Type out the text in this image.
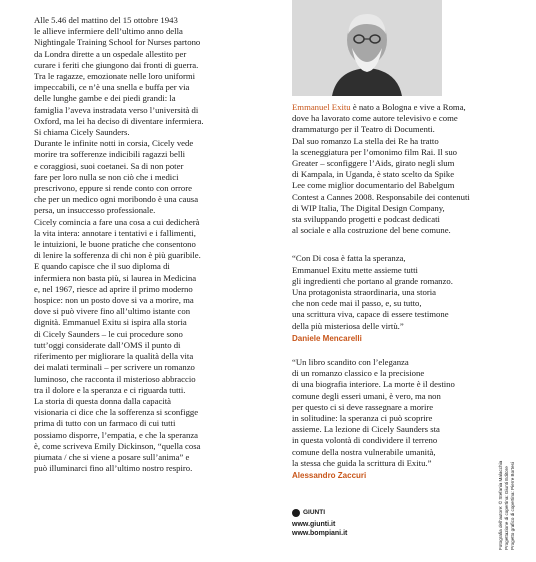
Alle 5.46 del mattino del 15 ottobre 1943

le allieve infermiere dell’ultimo anno della

Nightingale Training School for Nurses partono

da Londra dirette a un ospedale allestito per

curare i feriti che giungono dai fronti di guerra.

Tra le ragazze, emozionate nelle loro uniformi

impeccabili, ce n’è una snella e buffa per via

delle lunghe gambe e dei piedi grandi: la

famiglia l’aveva instradata verso l’università di

Oxford, ma lei ha deciso di diventare infermiera.

Si chiama Cicely Saunders.

Durante le infinite notti in corsia, Cicely vede

morire tra sofferenze indicibili ragazzi belli

e coraggiosi, suoi coetanei. Sa di non poter

fare per loro nulla se non ciò che i medici

prescrivono, eppure si rende conto con orrore

che per un medico ogni moribondo è una causa

persa, un insuccesso professionale.

Cicely comincia a fare una cosa a cui dedicherà

la vita intera: annotare i tentativi e i fallimenti,

le intuizioni, le buone pratiche che consentono

di lenire la sofferenza di chi non è più guaribile.

E quando capisce che il suo diploma di

infermiera non basta più, si laurea in Medicina

e, nel 1967, riesce ad aprire il primo moderno

hospice: non un posto dove si va a morire, ma

dove si può vivere fino all’ultimo istante con

dignità. Emmanuel Exitu si ispira alla storia

di Cicely Saunders – le cui procedure sono

tutt’oggi considerate dall’OMS il punto di

riferimento per migliorare la qualità della vita

dei malati terminali – per scrivere un romanzo

luminoso, che racconta il misterioso abbraccio

tra il dolore e la speranza e ci riguarda tutti.

La storia di questa donna dalla capacità

visionaria ci dice che la sofferenza si sconfigge

prima di tutto con un farmaco di cui tutti

possiamo disporre, l’empatia, e che la speranza

è, come scriveva Emily Dickinson, “quella cosa

piumata / che si viene a posare sull’anima” e

può illuminarci fino all’ultimo nostro respiro.

Emmanuel Exitu è nato a Bologna e vive a Roma,
dove ha lavorato come autore televisivo e come
drammaturgo per il Teatro di Documenti.
Dal suo romanzo La stella dei Re ha tratto
la sceneggiatura per l’omonimo film Rai. Il suo
Greater – sconfiggere l’Aids, girato negli slum
di Kampala, in Uganda, è stato scelto da Spike
Lee come miglior documentario del Babelgum
Contest a Cannes 2008. Responsabile dei contenuti
di WIP Italia, The Digital Design Company,
sta sviluppando progetti e podcast dedicati
al sociale e alla costruzione del bene comune.
“Con Di cosa è fatta la speranza,
Emmanuel Exitu mette assieme tutti
gli ingredienti che portano al grande romanzo.
Una protagonista straordinaria, una storia
che non cede mai il passo, e, su tutto,
una scrittura viva, capace di essere testimone
della più misteriosa delle virtù.”
Daniele Mencarelli
“Un libro scandito con l’eleganza
di un romanzo classico e la precisione
di una biografia interiore. La morte è il destino
comune degli esseri umani, è vero, ma non
per questo ci si deve rassegnare a morire
in solitudine: la speranza ci può scoprire
assieme. La lezione di Cicely Saunders sta
in questa volontà di condividere il terreno
comune della nostra vulnerabile umanità,
la stessa che guida la scrittura di Exitu.”
Alessandro Zaccuri	Fotografia dell’autore: © Stefania Malacchia Progettazione di copertina: Giunti Editore Progetto grafico di copertina: Pierre Bortesi
GIUNTI
www.giunti.it
www.bompiani.it
